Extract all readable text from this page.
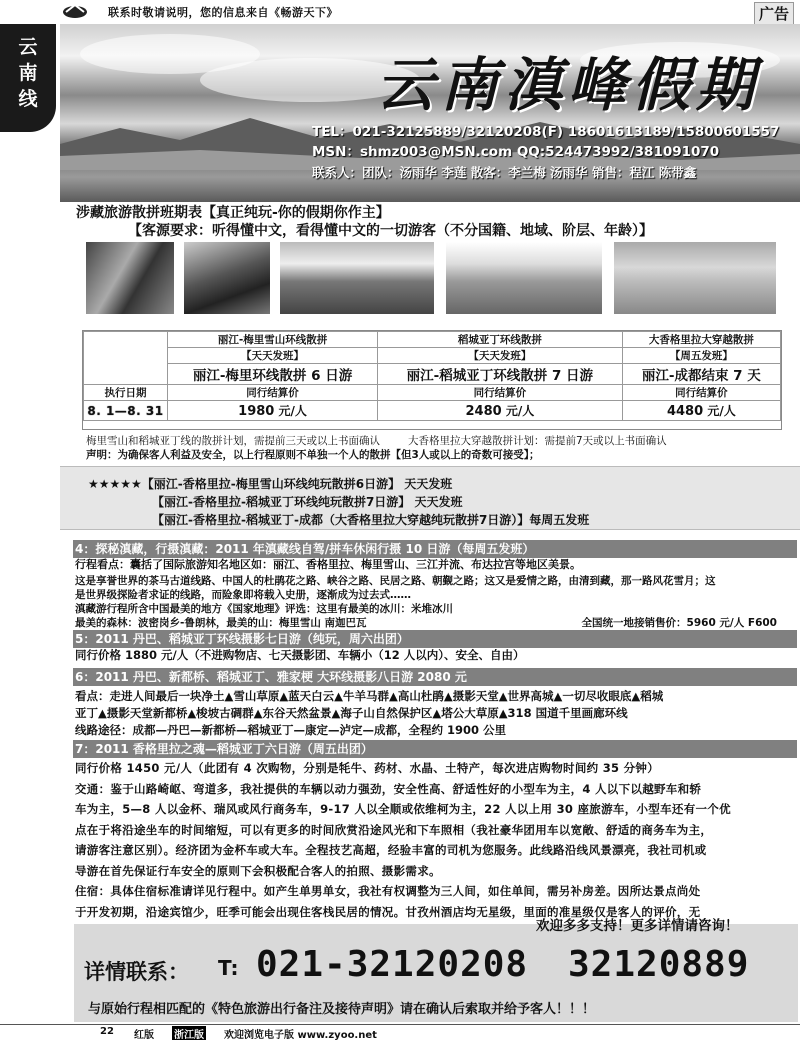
联系时敬请说明，您的信息来自《畅游天下》	广告
云
南
线	云南滇峰假期
TEL：021-32125889/32120208(F) 18601613189/15800601557
MSN：shmz003@MSN.com QQ:524473992/381091070
联系人：团队：汤雨华 李莲 散客：李兰梅 汤雨华 销售：程江 陈带鑫
涉藏旅游散拼班期表【真正纯玩-你的假期你作主】
【客源要求：听得懂中文，看得懂中文的一切游客（不分国籍、地域、阶层、年龄）】
	丽江-梅里雪山环线散拼	稻城亚丁环线散拼	大香格里拉大穿越散拼
	【天天发班】	【天天发班】	【周五发班】
	丽江-梅里环线散拼 6 日游	丽江-稻城亚丁环线散拼 7 日游	丽江-成都结束 7 天
执行日期	同行结算价	同行结算价	同行结算价
8. 1—8. 31	1980 元/人	2480 元/人	4480 元/人
梅里雪山和稻城亚丁线的散拼计划，需提前三天或以上书面确认	大香格里拉大穿越散拼计划：需提前7天或以上书面确认
声明：为确保客人利益及安全，以上行程原则不单独一个人的散拼【但3人或以上的奇数可接受】；
★★★★★【丽江-香格里拉-梅里雪山环线纯玩散拼6日游】 天天发班
【丽江-香格里拉-稻城亚丁环线纯玩散拼7日游】 天天发班
【丽江-香格里拉-稻城亚丁-成都（大香格里拉大穿越纯玩散拼7日游）】每周五发班
4：探秘滇藏，行摄滇藏：2011 年滇藏线自驾/拼车休闲行摄 10 日游（每周五发班）
行程看点：囊括了国际旅游知名地区如：丽江、香格里拉、梅里雪山、三江并流、布达拉宫等地区美景。
这是享誉世界的茶马古道线路、中国人的杜鹃花之路、峡谷之路、民居之路、朝觐之路；这又是爱情之路，由清到藏，那一路风花雪月；这
是世界级探险者求证的线路，而险象即将载入史册，逐渐成为过去式……
滇藏游行程所含中国最美的地方《国家地理》评选：这里有最美的冰川：米堆冰川
最美的森林：波密岗乡-鲁朗林，最美的山：梅里雪山 南迦巴瓦	全国统一地接销售价：5960 元/人 F600
5：2011 丹巴、稻城亚丁环线摄影七日游（纯玩，周六出团）
同行价格 1880 元/人（不进购物店、七天摄影团、车辆小（12 人以内）、安全、自由）
6：2011 丹巴、新都桥、稻城亚丁、雅家梗 大环线摄影八日游 2080 元
看点：走进人间最后一块净土▲雪山草原▲蓝天白云▲牛羊马群▲高山杜鹃▲摄影天堂▲世界高城▲一切尽收眼底▲稻城
亚丁▲摄影天堂新都桥▲梭坡古碉群▲东谷天然盆景▲海子山自然保护区▲塔公大草原▲318 国道千里画廊环线
线路途径：成都—丹巴—新都桥—稻城亚丁—康定—泸定—成都，全程约 1900 公里
7：2011 香格里拉之魂—稻城亚丁六日游（周五出团）
同行价格 1450 元/人（此团有 4 次购物，分别是牦牛、药材、水晶、土特产，每次进店购物时间约 35 分钟）
交通：鉴于山路崎岖、弯道多，我社提供的车辆以动力强劲，安全性高、舒适性好的小型车为主，4 人以下以越野车和轿
车为主，5—8 人以金杯、瑞风或风行商务车，9-17 人以全顺或依维柯为主，22 人以上用 30 座旅游车，小型车还有一个优
点在于将沿途坐车的时间缩短，可以有更多的时间欣赏沿途风光和下车照相（我社豪华团用车以宽敞、舒适的商务车为主，
请游客注意区别）。经济团为金杯车或大车。全程技艺高超，经验丰富的司机为您服务。此线路沿线风景漂亮，我社司机或
导游在首先保证行车安全的原则下会积极配合客人的拍照、摄影需求。
住宿：具体住宿标准请详见行程中。如产生单男单女，我社有权调整为三人间，如住单间，需另补房差。因所达景点尚处
于开发初期，沿途宾馆少，旺季可能会出现住客栈民居的情况。甘孜州酒店均无星级，里面的准星级仅是客人的评价，无
详情联系： T: 021-32120208 32120889
与原始行程相匹配的《特色旅游出行备注及接待声明》请在确认后索取并给予客人！！！
欢迎多多支持！更多详情请咨询！
22 红版 浙江版 欢迎浏览电子版 www.zyoo.net
